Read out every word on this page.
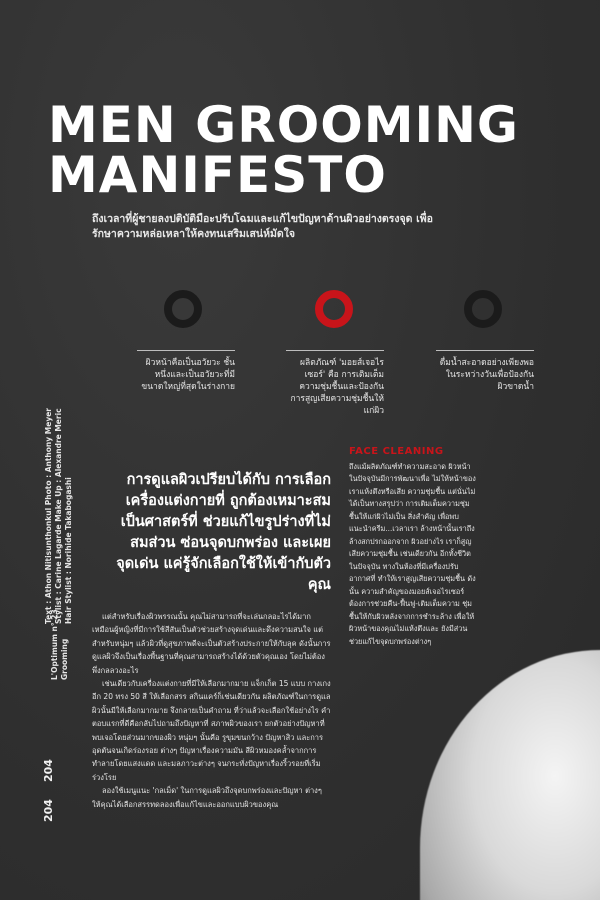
MEN GROOMING
MANIFESTO
ถึงเวลาที่ผู้ชายลงปติบัติมือะปรับโฉมและแก้ไขปัญหาด้านผิวอย่างตรงจุด เพื่อรักษาความหล่อเหลาให้คงทนเสริมเสน่ห์มัดใจ
ผิวหน้าคือเป็นอวัยวะ ชั้นหนึ่งและเป็นอวัยวะที่มี ขนาดใหญ่ที่สุดในร่างกาย
ผลิตภัณฑ์ 'มอยส์เจอไรเซอร์' คือ การเติมเต็มความชุ่มชื้นและป้องกัน การสูญเสียความชุ่มชื้นให้แก่ผิว
ดื่มน้ำสะอาดอย่างเพียงพอ ในระหว่างวันเพื่อป้องกัน ผิวขาดน้ำ
Text : Athon Nitisunthonkul Photo : Anthony Meyer Stylist : Carine Lagarde Make Up : Alexandre Meric Hair Stylist : Norihide Takabogashi
L'Optimum n° 23 Grooming
204
204
การดูแลผิวเปรียบได้กับ การเลือกเครื่องแต่งกายที่ ถูกต้องเหมาะสม เป็นศาสตร์ที่ ช่วยแก้ไขรูปร่างที่ไม่สมส่วน ซ่อนจุดบกพร่อง และเผยจุดเด่น แค่รู้จักเลือกใช้ให้เข้ากับตัวคุณ

แต่สำหรับเรื่องผิวพรรณนั้น คุณไม่สามารถที่จะเล่นกลอะไรได้มาก เหมือนผู้หญิงที่มีการใช้สีสันเป็นตัวช่วยสร้างจุดเด่นและดึงความสนใจ แต่สำหรับหนุ่มๆ แล้วผิวที่ดูสุขภาพดีจะเป็นตัวสร้างประกายให้กับลุค ดังนั้นการดูแลผิวจึงเป็นเรื่องพื้นฐานที่คุณสามารถสร้างได้ด้วยตัวคุณเอง โดยไม่ต้องพึ่งกลลวงอะไร

เช่นเดียวกับเครื่องแต่งกายที่มีให้เลือกมากมาย แจ็กเก็ต 15 แบบ กางเกงอีก 20 ทรง 50 สี ให้เลือกสรร สกินแคร์ก็เช่นเดียวกัน ผลิตภัณฑ์ในการดูแลผิวนั้นมีให้เลือกมากมาย จึงกลายเป็นคำถาม ที่ว่าแล้วจะเลือกใช้อย่างไร คำตอบแรกที่ดีคือกลับไปถามถึงปัญหาที่ สภาพผิวของเรา ยกตัวอย่างปัญหาที่พบเจอโดยส่วนมากของผิว หนุ่มๆ นั้นคือ รูขุมขนกว้าง ปัญหาสิว และการอุดตันจนเกิดร่องรอย ต่างๆ ปัญหาเรื่องความมัน สีผิวหมองคล้ำจากการทำลายโดยแสงแดด และมลภาวะต่างๆ จนกระทั่งปัญหาเรื่องริ้วรอยที่เริ่มร่วงโรย

ลองใช้เมนูแนะ 'กลเม็ด' ในการดูแลผิวถึงจุดบกพร่องและปัญหา ต่างๆ ให้คุณได้เลือกสรรทดลองเพื่อแก้ไขและออกแบบผิวของคุณ

FACE CLEANING
ถึงแม้ผลิตภัณฑ์ทำความสะอาด ผิวหน้าในปัจจุบันมีการพัฒนาเพื่อ ไม่ให้หน้าของเราแห้งตึงหรือเสีย ความชุ่มชื้น แต่นั่นไม่ได้เป็นทางสรุปว่า การเติมเต็มความชุ่มชื้นให้แก่ผิวไม่เป็น สิ่งสำคัญ เพื่อพบแนะนำครีม...เวลาเรา ล้างหน้านั้นเราถึงล้างสกปรกออกจาก ผิวอย่างไร เราก็สูญเสียความชุ่มชื้น เช่นเดียวกัน อีกทั้งชีวิตในปัจจุบัน ทางในห้องที่มีเครื่องปรับอากาศที่ ทำให้เราสูญเสียความชุ่มชื้น ดังนั้น ความสำคัญของมอยส์เจอไรเซอร์ ต้องการช่วยคืน-ฟื้นฟู-เติมเต็มความ ชุ่มชื้นให้กับผิวหลังจากการชำระล้าง เพื่อให้ผิวหน้าของคุณไม่แห้งตึงและ ยังมีส่วนช่วยแก้ไขจุดบกพร่องต่างๆ
